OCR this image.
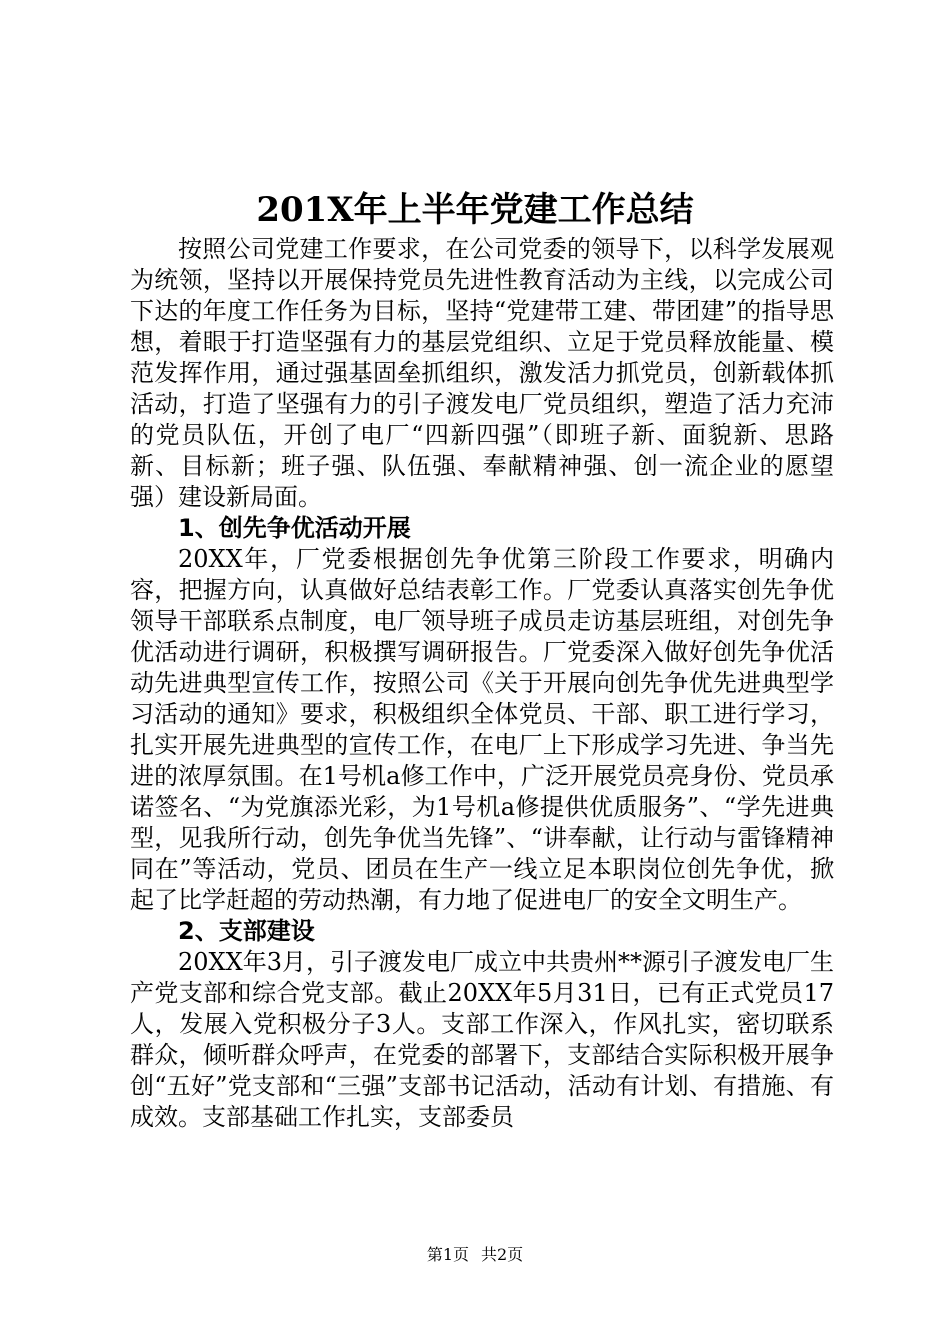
201X年上半年党建工作总结

按照公司党建工作要求，在公司党委的领导下，以科学发展观为统领，坚持以开展保持党员先进性教育活动为主线，以完成公司下达的年度工作任务为目标，坚持“党建带工建、带团建”的指导思想，着眼于打造坚强有力的基层党组织、立足于党员释放能量、模范发挥作用，通过强基固垒抓组织，激发活力抓党员，创新载体抓活动，打造了坚强有力的引子渡发电厂党员组织，塑造了活力充沛的党员队伍，开创了电厂“四新四强”（即班子新、面貌新、思路新、目标新；班子强、队伍强、奉献精神强、创一流企业的愿望强）建设新局面。

1、创先争优活动开展

20XX年，厂党委根据创先争优第三阶段工作要求，明确内容，把握方向，认真做好总结表彰工作。厂党委认真落实创先争优领导干部联系点制度，电厂领导班子成员走访基层班组，对创先争优活动进行调研，积极撰写调研报告。厂党委深入做好创先争优活动先进典型宣传工作，按照公司《关于开展向创先争优先进典型学习活动的通知》要求，积极组织全体党员、干部、职工进行学习，扎实开展先进典型的宣传工作，在电厂上下形成学习先进、争当先进的浓厚氛围。在1号机a修工作中，广泛开展党员亮身份、党员承诺签名、“为党旗添光彩，为1号机a修提供优质服务”、“学先进典型，见我所行动，创先争优当先锋”、“讲奉献，让行动与雷锋精神同在”等活动，党员、团员在生产一线立足本职岗位创先争优，掀起了比学赶超的劳动热潮，有力地了促进电厂的安全文明生产。

2、支部建设

20XX年3月，引子渡发电厂成立中共贵州**源引子渡发电厂生产党支部和综合党支部。截止20XX年5月31日，已有正式党员17人，发展入党积极分子3人。支部工作深入，作风扎实，密切联系群众，倾听群众呼声，在党委的部署下，支部结合实际积极开展争创“五好”党支部和“三强”支部书记活动，活动有计划、有措施、有成效。支部基础工作扎实，支部委员

第1页 共2页
